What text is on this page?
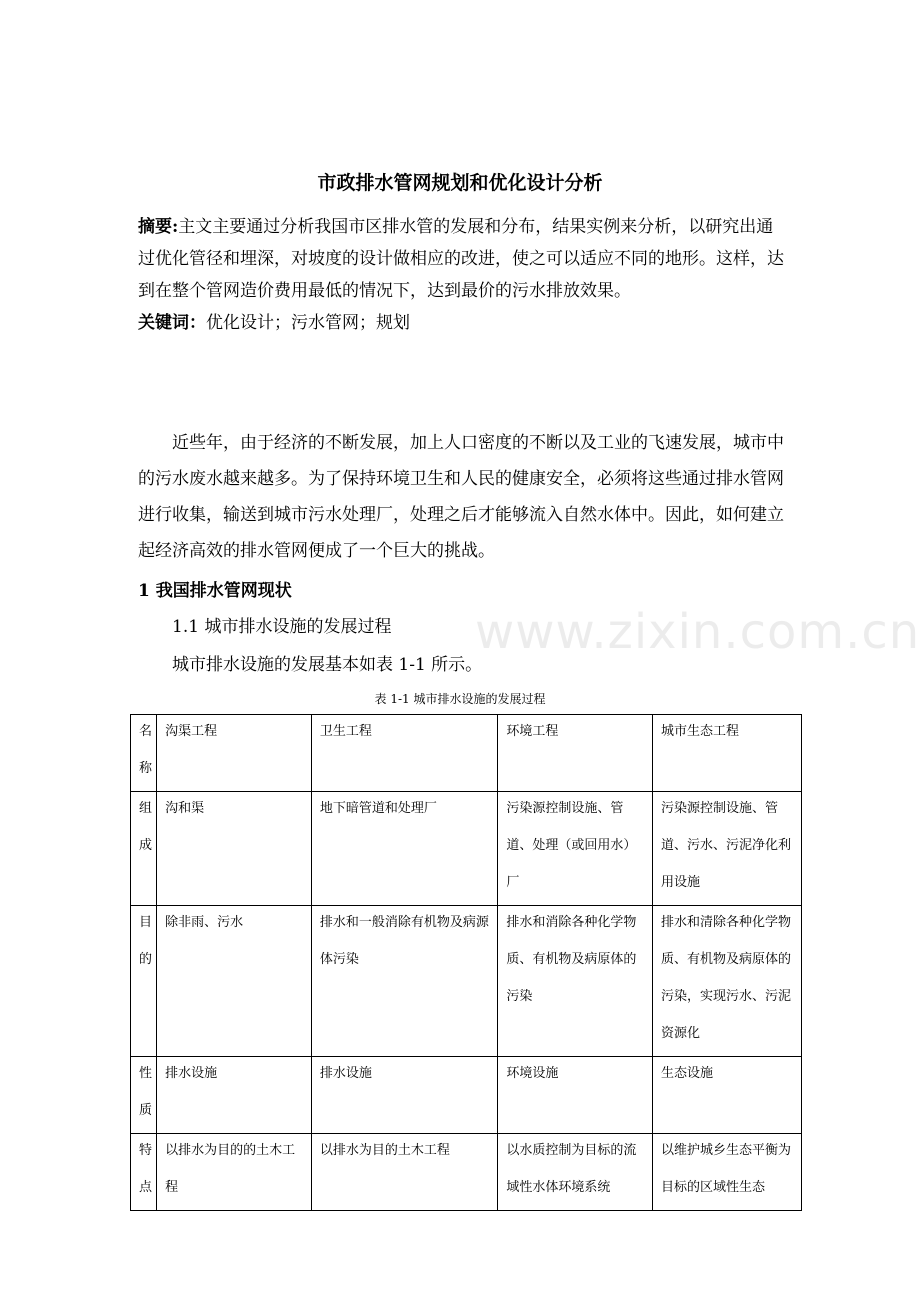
市政排水管网规划和优化设计分析
摘要:主文主要通过分析我国市区排水管的发展和分布，结果实例来分析，以研究出通过优化管径和埋深，对坡度的设计做相应的改进，使之可以适应不同的地形。这样，达到在整个管网造价费用最低的情况下，达到最价的污水排放效果。
关键词：优化设计；污水管网；规划

近些年，由于经济的不断发展，加上人口密度的不断以及工业的飞速发展，城市中的污水废水越来越多。为了保持环境卫生和人民的健康安全，必须将这些通过排水管网进行收集，输送到城市污水处理厂，处理之后才能够流入自然水体中。因此，如何建立起经济高效的排水管网便成了一个巨大的挑战。

1 我国排水管网现状
1.1 城市排水设施的发展过程
城市排水设施的发展基本如表 1-1 所示。
www.zixin.com.cn
表 1-1 城市排水设施的发展过程
名称	沟渠工程	卫生工程	环境工程	城市生态工程

组成	沟和渠	地下暗管道和处理厂	污染源控制设施、管道、处理（或回用水）厂	污染源控制设施、管道、污水、污泥净化利用设施

目的	除非雨、污水	排水和一般消除有机物及病源体污染	排水和消除各种化学物质、有机物及病原体的污染	排水和清除各种化学物质、有机物及病原体的污染，实现污水、污泥资源化

性质	排水设施	排水设施	环境设施	生态设施

特点	以排水为目的的土木工程	以排水为目的土木工程	以水质控制为目标的流域性水体环境系统	以维护城乡生态平衡为目标的区域性生态
